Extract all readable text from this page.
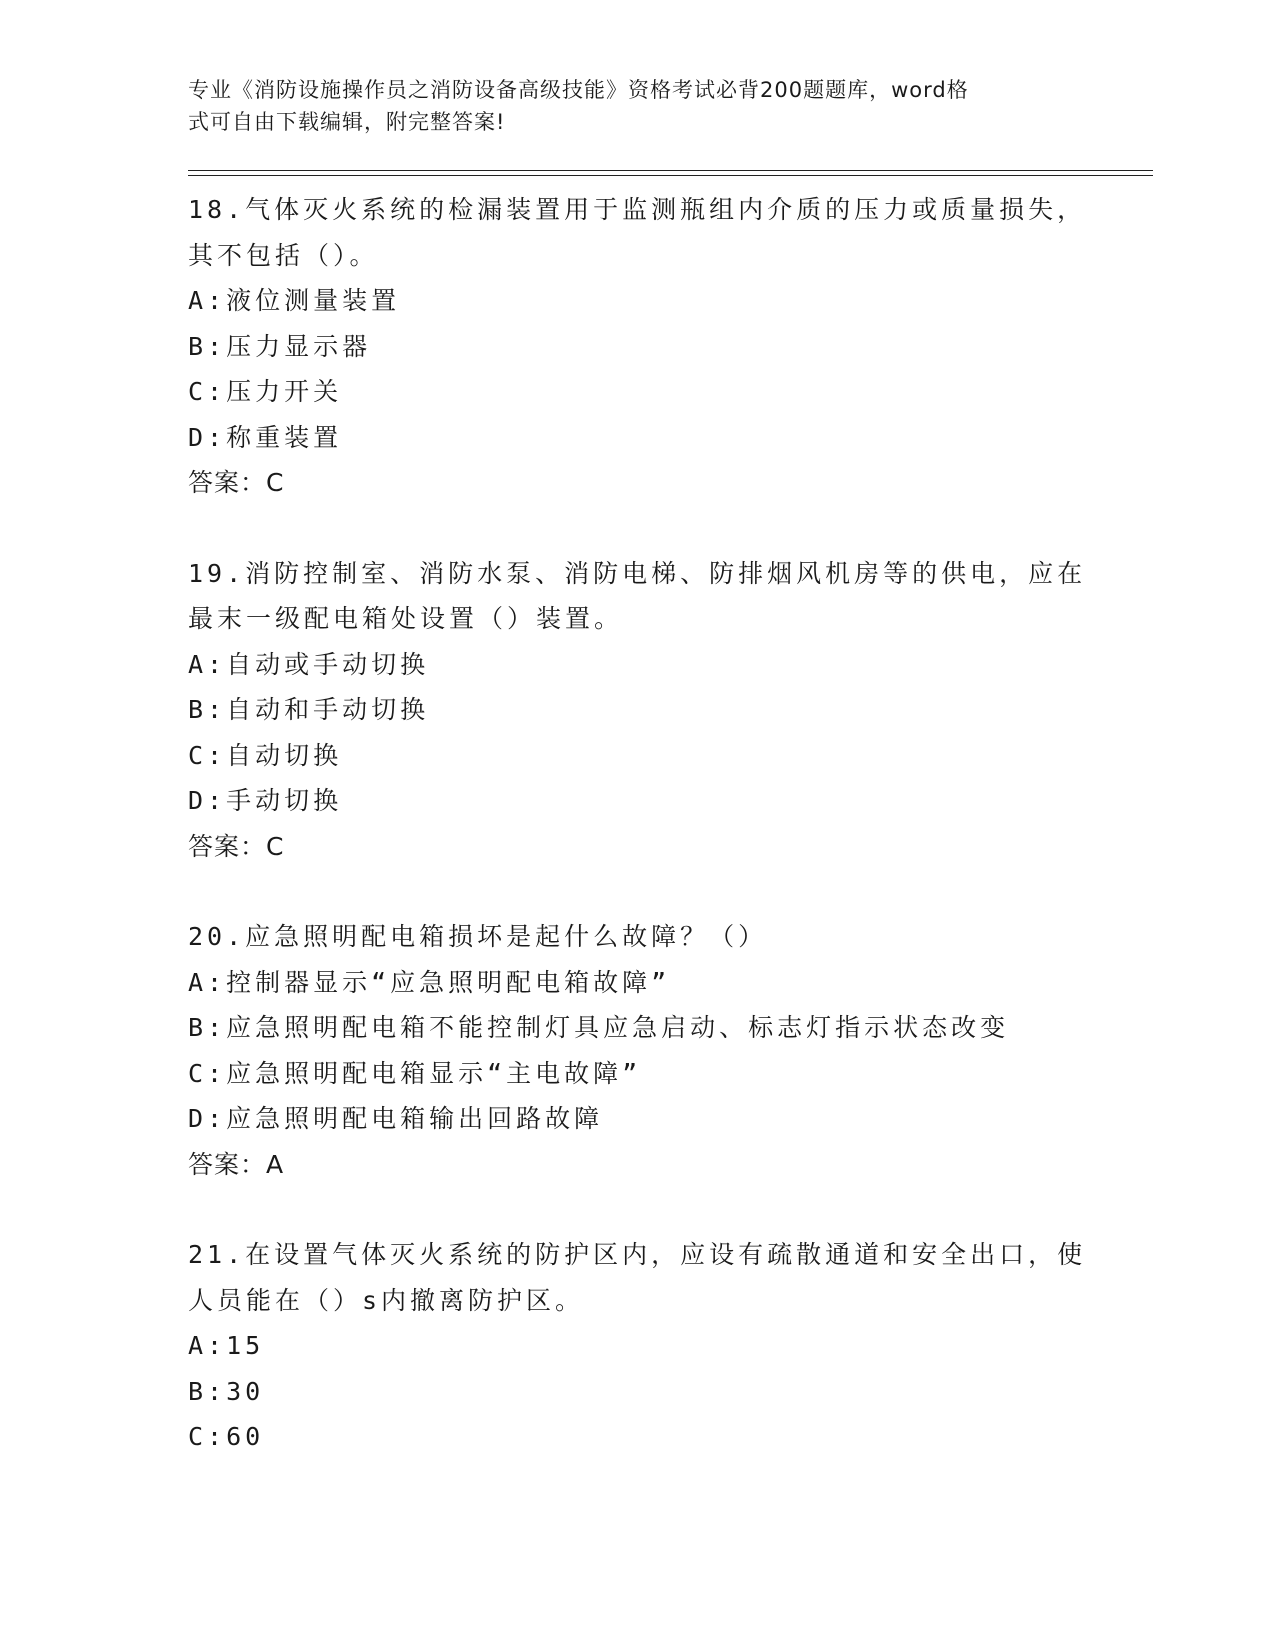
专业《消防设施操作员之消防设备高级技能》资格考试必背200题题库，word格
式可自由下载编辑，附完整答案!
18.气体灭火系统的检漏装置用于监测瓶组内介质的压力或质量损失，
其不包括（）。
A:液位测量装置
B:压力显示器
C:压力开关
D:称重装置
答案：C
19.消防控制室、消防水泵、消防电梯、防排烟风机房等的供电，应在
最末一级配电箱处设置（）装置。
A:自动或手动切换
B:自动和手动切换
C:自动切换
D:手动切换
答案：C
20.应急照明配电箱损坏是起什么故障？（）
A:控制器显示“应急照明配电箱故障”
B:应急照明配电箱不能控制灯具应急启动、标志灯指示状态改变
C:应急照明配电箱显示“主电故障”
D:应急照明配电箱输出回路故障
答案：A
21.在设置气体灭火系统的防护区内，应设有疏散通道和安全出口，使
人员能在（）s内撤离防护区。
A:15
B:30
C:60
